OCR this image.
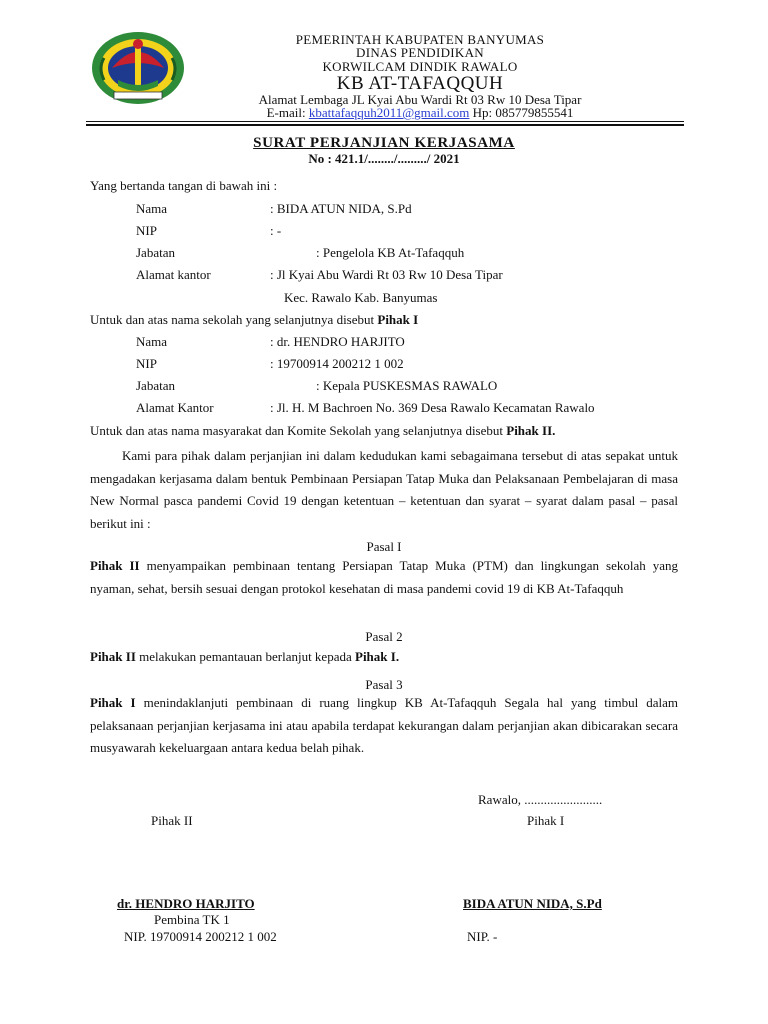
PEMERINTAH KABUPATEN BANYUMAS
DINAS PENDIDIKAN
KORWILCAM DINDIK RAWALO
KB AT-TAFAQQUH
Alamat Lembaga JL Kyai Abu Wardi Rt 03 Rw 10 Desa Tipar
E-mail: kbattafaqquh2011@gmail.com Hp: 085779855541
SURAT PERJANJIAN KERJASAMA
No : 421.1/......../........./ 2021
Yang bertanda tangan di bawah ini :
Nama	: BIDA ATUN NIDA, S.Pd
NIP	: -
Jabatan	: Pengelola KB At-Tafaqquh
Alamat kantor	: Jl Kyai Abu Wardi Rt 03 Rw 10 Desa Tipar
Kec. Rawalo Kab. Banyumas
Untuk dan atas nama sekolah yang selanjutnya disebut Pihak I
Nama	: dr. HENDRO HARJITO
NIP	: 19700914 200212 1 002
Jabatan	: Kepala PUSKESMAS RAWALO
Alamat Kantor	: Jl. H. M Bachroen No. 369 Desa Rawalo Kecamatan Rawalo
Untuk dan atas nama masyarakat dan Komite Sekolah yang selanjutnya disebut Pihak II.
Kami para pihak dalam perjanjian ini dalam kedudukan kami sebagaimana tersebut di atas sepakat untuk mengadakan kerjasama dalam bentuk Pembinaan Persiapan Tatap Muka dan Pelaksanaan Pembelajaran di masa New Normal pasca pandemi Covid 19 dengan ketentuan – ketentuan dan syarat – syarat dalam pasal – pasal berikut ini :
Pasal I
Pihak II menyampaikan pembinaan tentang Persiapan Tatap Muka (PTM) dan lingkungan sekolah yang nyaman, sehat, bersih sesuai dengan protokol kesehatan di masa pandemi covid 19 di KB At-Tafaqquh
Pasal 2
Pihak II melakukan pemantauan berlanjut kepada Pihak I.
Pasal 3
Pihak I menindaklanjuti pembinaan di ruang lingkup KB At-Tafaqquh Segala hal yang timbul dalam pelaksanaan perjanjian kerjasama ini atau apabila terdapat kekurangan dalam perjanjian akan dibicarakan secara musyawarah kekeluargaan antara kedua belah pihak.
Rawalo, ........................
Pihak II	Pihak I
dr. HENDRO HARJITO	BIDA ATUN NIDA, S.Pd
Pembina TK 1
NIP. 19700914 200212 1 002	NIP. -
